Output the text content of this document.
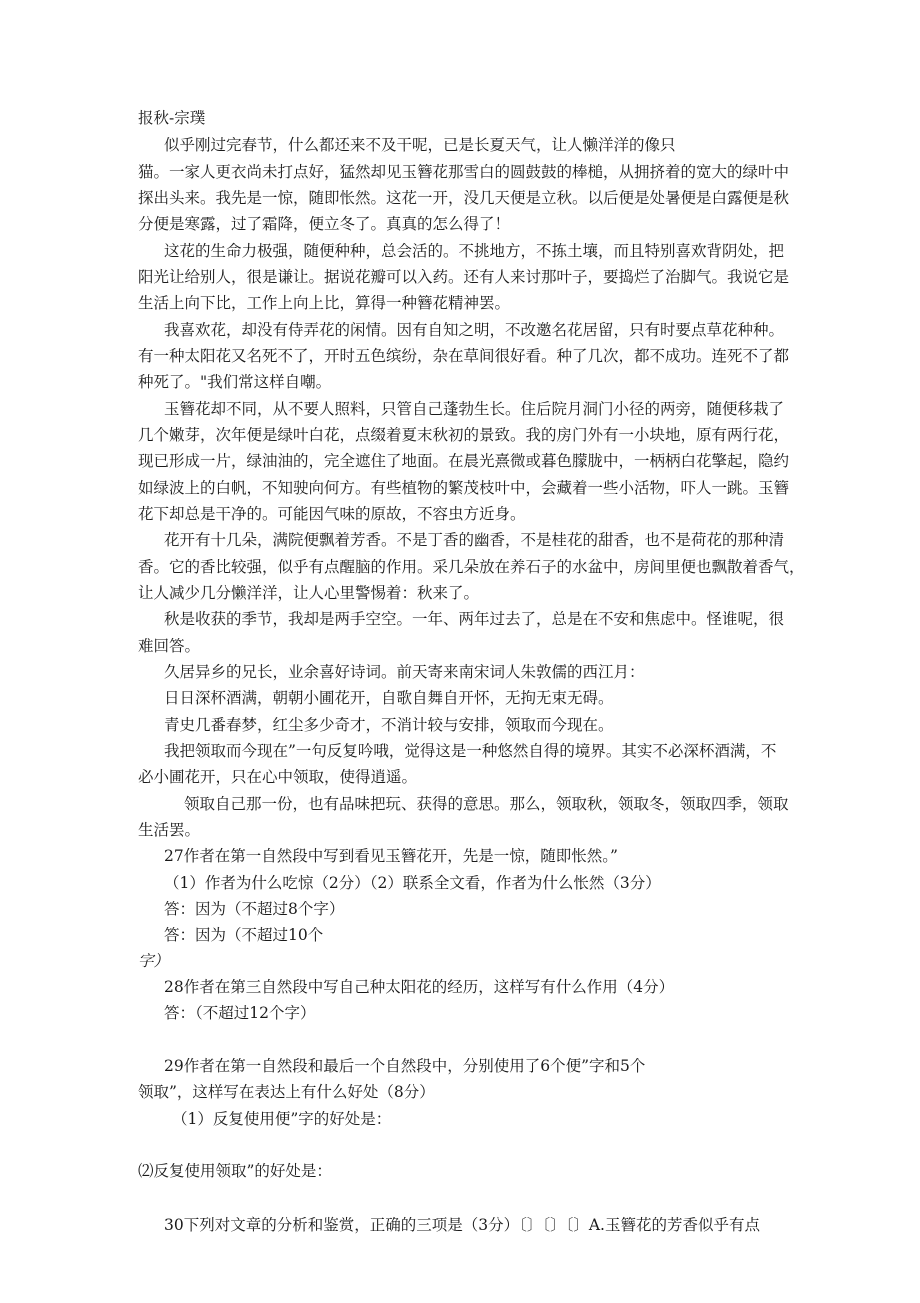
报秋-宗璞
似乎刚过完春节，什么都还来不及干呢，已是长夏天气，让人懒洋洋的像只
猫。一家人更衣尚未打点好，猛然却见玉簪花那雪白的圆鼓鼓的棒槌，从拥挤着的宽大的绿叶中
探出头来。我先是一惊，随即怅然。这花一开，没几天便是立秋。以后便是处暑便是白露便是秋
分便是寒露，过了霜降，便立冬了。真真的怎么得了！
这花的生命力极强，随便种种，总会活的。不挑地方，不拣土壤，而且特别喜欢背阴处，把
阳光让给别人，很是谦让。据说花瓣可以入药。还有人来讨那叶子，要捣烂了治脚气。我说它是
生活上向下比，工作上向上比，算得一种簪花精神罢。
我喜欢花，却没有侍弄花的闲情。因有自知之明，不改邀名花居留，只有时要点草花种种。
有一种太阳花又名死不了，开时五色缤纷，杂在草间很好看。种了几次，都不成功。连死不了都
种死了。"我们常这样自嘲。
玉簪花却不同，从不要人照料，只管自己蓬勃生长。住后院月洞门小径的两旁，随便移栽了
几个嫩芽，次年便是绿叶白花，点缀着夏末秋初的景致。我的房门外有一小块地，原有两行花，
现已形成一片，绿油油的，完全遮住了地面。在晨光熹微或暮色朦胧中，一柄柄白花擎起，隐约
如绿波上的白帆，不知驶向何方。有些植物的繁茂枝叶中，会藏着一些小活物，吓人一跳。玉簪
花下却总是干净的。可能因气味的原故，不容虫方近身。
花开有十几朵，满院便飘着芳香。不是丁香的幽香，不是桂花的甜香，也不是荷花的那种清
香。它的香比较强，似乎有点醒脑的作用。采几朵放在养石子的水盆中，房间里便也飘散着香气，
让人减少几分懒洋洋，让人心里警惕着：秋来了。
秋是收获的季节，我却是两手空空。一年、两年过去了，总是在不安和焦虑中。怪谁呢，很
难回答。
久居异乡的兄长，业余喜好诗词。前天寄来南宋词人朱敦儒的西江月：
日日深杯酒满，朝朝小圃花开，自歌自舞自开怀，无拘无束无碍。
青史几番春梦，红尘多少奇才，不消计较与安排，领取而今现在。
我把领取而今现在”一句反复吟哦，觉得这是一种悠然自得的境界。其实不必深杯酒满，不
必小圃花开，只在心中领取，使得逍遥。
领取自己那一份，也有品味把玩、获得的意思。那么，领取秋，领取冬，领取四季，领取
生活罢。
27作者在第一自然段中写到看见玉簪花开，先是一惊，随即怅然。”
（1）作者为什么吃惊（2分）（2）联系全文看，作者为什么怅然（3分）
答：因为（不超过8个字）
答：因为（不超过10个
字）
28作者在第三自然段中写自己种太阳花的经历，这样写有什么作用（4分）
答：（不超过12个字）
29作者在第一自然段和最后一个自然段中，分别使用了6个便”字和5个
领取”，这样写在表达上有什么好处（8分）
（1）反复使用便”字的好处是：
⑵反复使用领取”的好处是：
30下列对文章的分析和鉴赏，正确的三项是（3分）〔〕〔〕〔〕A.玉簪花的芳香似乎有点
